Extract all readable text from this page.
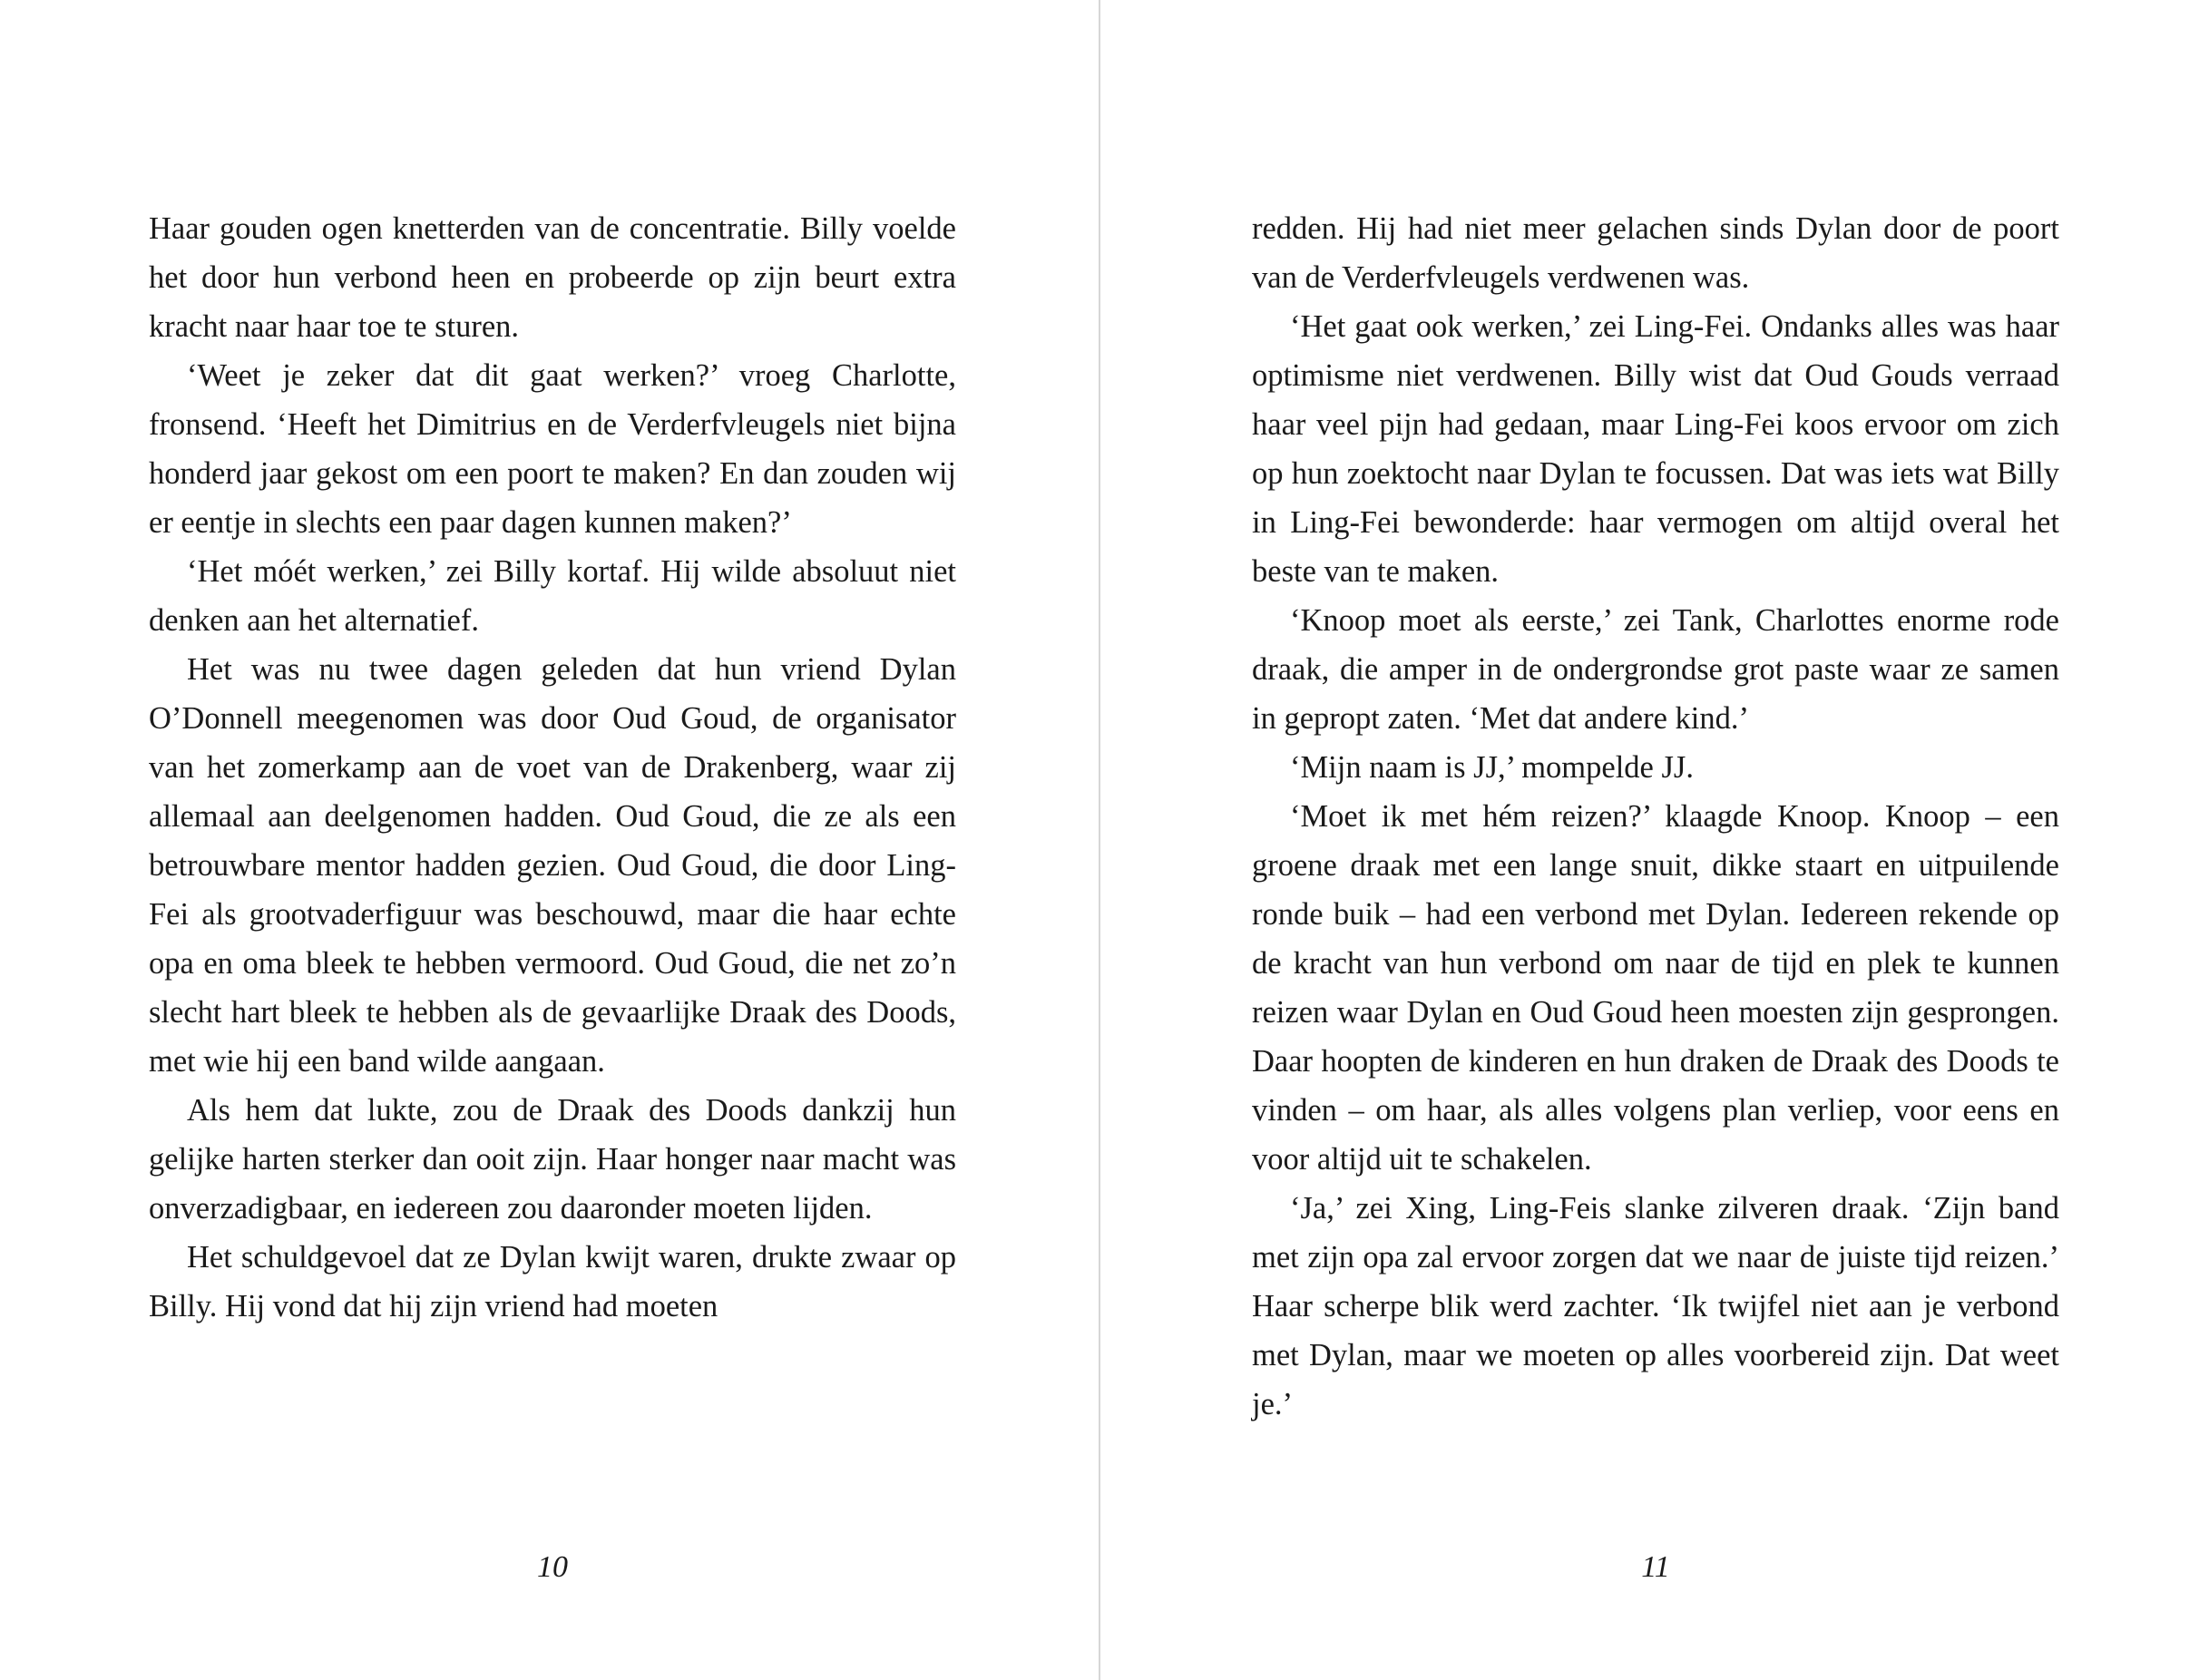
Haar gouden ogen knetterden van de concentratie. Billy voelde het door hun verbond heen en probeerde op zijn beurt extra kracht naar haar toe te sturen.

‘Weet je zeker dat dit gaat werken?’ vroeg Charlotte, fronsend. ‘Heeft het Dimitrius en de Verderfvleugels niet bijna honderd jaar gekost om een poort te maken? En dan zouden wij er eentje in slechts een paar dagen kunnen maken?’

‘Het móét werken,’ zei Billy kortaf. Hij wilde absoluut niet denken aan het alternatief.

Het was nu twee dagen geleden dat hun vriend Dylan O’Donnell meegenomen was door Oud Goud, de organisator van het zomerkamp aan de voet van de Drakenberg, waar zij allemaal aan deelgenomen hadden. Oud Goud, die ze als een betrouwbare mentor hadden gezien. Oud Goud, die door Ling-Fei als grootvaderfiguur was beschouwd, maar die haar echte opa en oma bleek te hebben vermoord. Oud Goud, die net zo’n slecht hart bleek te hebben als de gevaarlijke Draak des Doods, met wie hij een band wilde aangaan.

Als hem dat lukte, zou de Draak des Doods dankzij hun gelijke harten sterker dan ooit zijn. Haar honger naar macht was onverzadigbaar, en iedereen zou daaronder moeten lijden.

Het schuldgevoel dat ze Dylan kwijt waren, drukte zwaar op Billy. Hij vond dat hij zijn vriend had moeten

redden. Hij had niet meer gelachen sinds Dylan door de poort van de Verderfvleugels verdwenen was.

‘Het gaat ook werken,’ zei Ling-Fei. Ondanks alles was haar optimisme niet verdwenen. Billy wist dat Oud Gouds verraad haar veel pijn had gedaan, maar Ling-Fei koos ervoor om zich op hun zoektocht naar Dylan te focussen. Dat was iets wat Billy in Ling-Fei bewonderde: haar vermogen om altijd overal het beste van te maken.

‘Knoop moet als eerste,’ zei Tank, Charlottes enorme rode draak, die amper in de ondergrondse grot paste waar ze samen in gepropt zaten. ‘Met dat andere kind.’

‘Mijn naam is JJ,’ mompelde JJ.

‘Moet ik met hém reizen?’ klaagde Knoop. Knoop – een groene draak met een lange snuit, dikke staart en uitpuilende ronde buik – had een verbond met Dylan. Iedereen rekende op de kracht van hun verbond om naar de tijd en plek te kunnen reizen waar Dylan en Oud Goud heen moesten zijn gesprongen. Daar hoopten de kinderen en hun draken de Draak des Doods te vinden – om haar, als alles volgens plan verliep, voor eens en voor altijd uit te schakelen.

‘Ja,’ zei Xing, Ling-Feis slanke zilveren draak. ‘Zijn band met zijn opa zal ervoor zorgen dat we naar de juiste tijd reizen.’ Haar scherpe blik werd zachter. ‘Ik twijfel niet aan je verbond met Dylan, maar we moeten op alles voorbereid zijn. Dat weet je.’

10	11
